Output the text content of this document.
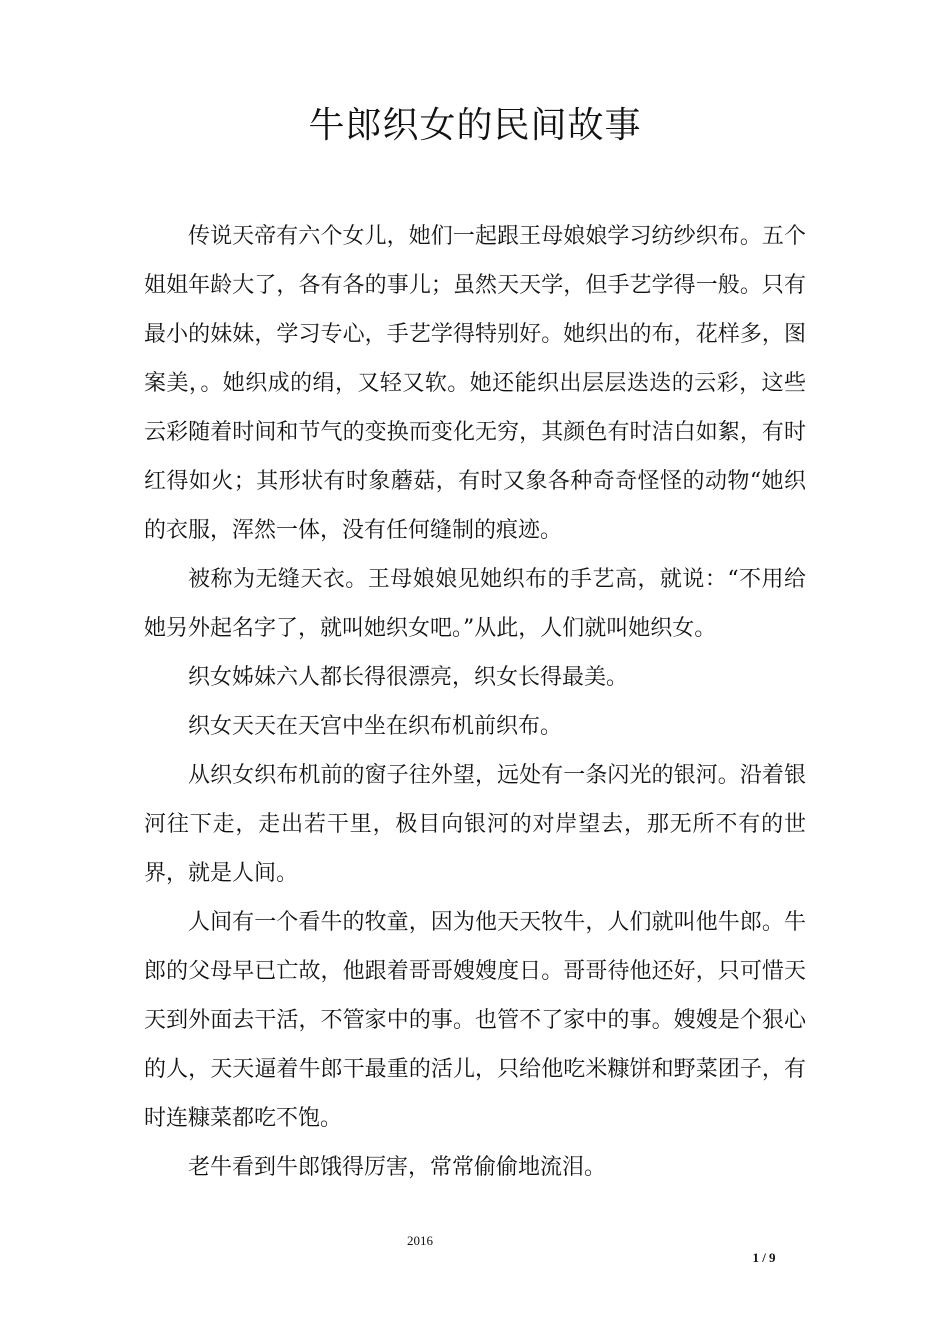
牛郎织女的民间故事

传说天帝有六个女儿，她们一起跟王母娘娘学习纺纱织布。五个姐姐年龄大了，各有各的事儿；虽然天天学，但手艺学得一般。只有最小的妹妹，学习专心，手艺学得特别好。她织出的布，花样多，图案美，。她织成的绢，又轻又软。她还能织出层层迭迭的云彩，这些云彩随着时间和节气的变换而变化无穷，其颜色有时洁白如絮，有时红得如火；其形状有时象蘑菇，有时又象各种奇奇怪怪的动物“她织的衣服，浑然一体，没有任何缝制的痕迹。

被称为无缝天衣。王母娘娘见她织布的手艺高，就说：“不用给她另外起名字了，就叫她织女吧。”从此，人们就叫她织女。

织女姊妹六人都长得很漂亮，织女长得最美。

织女天天在天宫中坐在织布机前织布。

从织女织布机前的窗子往外望，远处有一条闪光的银河。沿着银河往下走，走出若干里，极目向银河的对岸望去，那无所不有的世界，就是人间。

人间有一个看牛的牧童，因为他天天牧牛，人们就叫他牛郎。牛郎的父母早已亡故，他跟着哥哥嫂嫂度日。哥哥待他还好，只可惜天天到外面去干活，不管家中的事。也管不了家中的事。嫂嫂是个狠心的人，天天逼着牛郎干最重的活儿，只给他吃米糠饼和野菜团子，有时连糠菜都吃不饱。

老牛看到牛郎饿得厉害，常常偷偷地流泪。

2016
1 / 9
